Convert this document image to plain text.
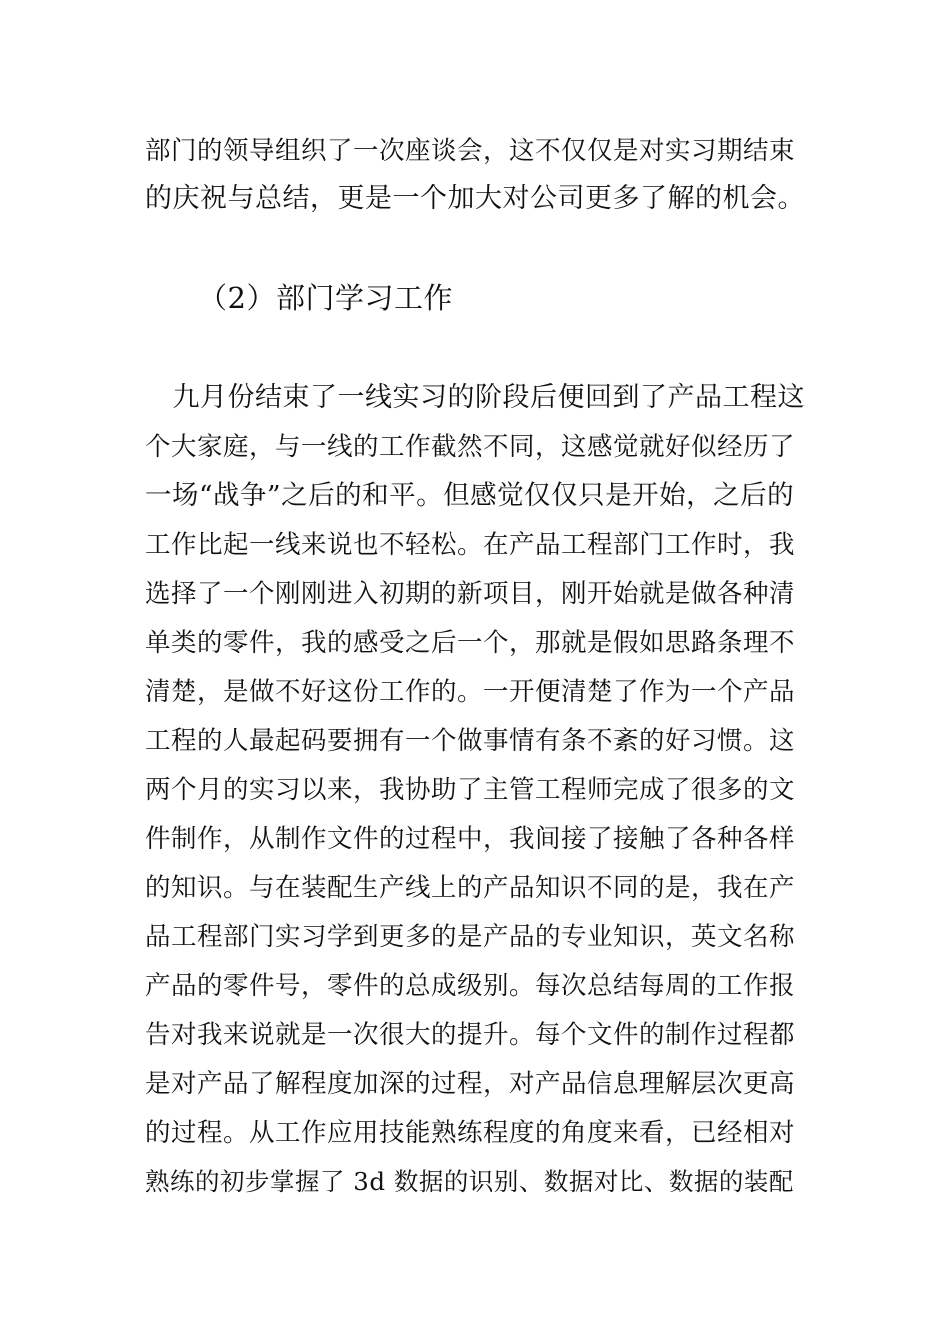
部门的领导组织了一次座谈会，这不仅仅是对实习期结束
的庆祝与总结，更是一个加大对公司更多了解的机会。
（2）部门学习工作
　九月份结束了一线实习的阶段后便回到了产品工程这
个大家庭，与一线的工作截然不同，这感觉就好似经历了
一场“战争”之后的和平。但感觉仅仅只是开始，之后的
工作比起一线来说也不轻松。在产品工程部门工作时，我
选择了一个刚刚进入初期的新项目，刚开始就是做各种清
单类的零件，我的感受之后一个，那就是假如思路条理不
清楚，是做不好这份工作的。一开便清楚了作为一个产品
工程的人最起码要拥有一个做事情有条不紊的好习惯。这
两个月的实习以来，我协助了主管工程师完成了很多的文
件制作，从制作文件的过程中，我间接了接触了各种各样
的知识。与在装配生产线上的产品知识不同的是，我在产
品工程部门实习学到更多的是产品的专业知识，英文名称
产品的零件号，零件的总成级别。每次总结每周的工作报
告对我来说就是一次很大的提升。每个文件的制作过程都
是对产品了解程度加深的过程，对产品信息理解层次更高
的过程。从工作应用技能熟练程度的角度来看，已经相对
熟练的初步掌握了 3d 数据的识别、数据对比、数据的装配
